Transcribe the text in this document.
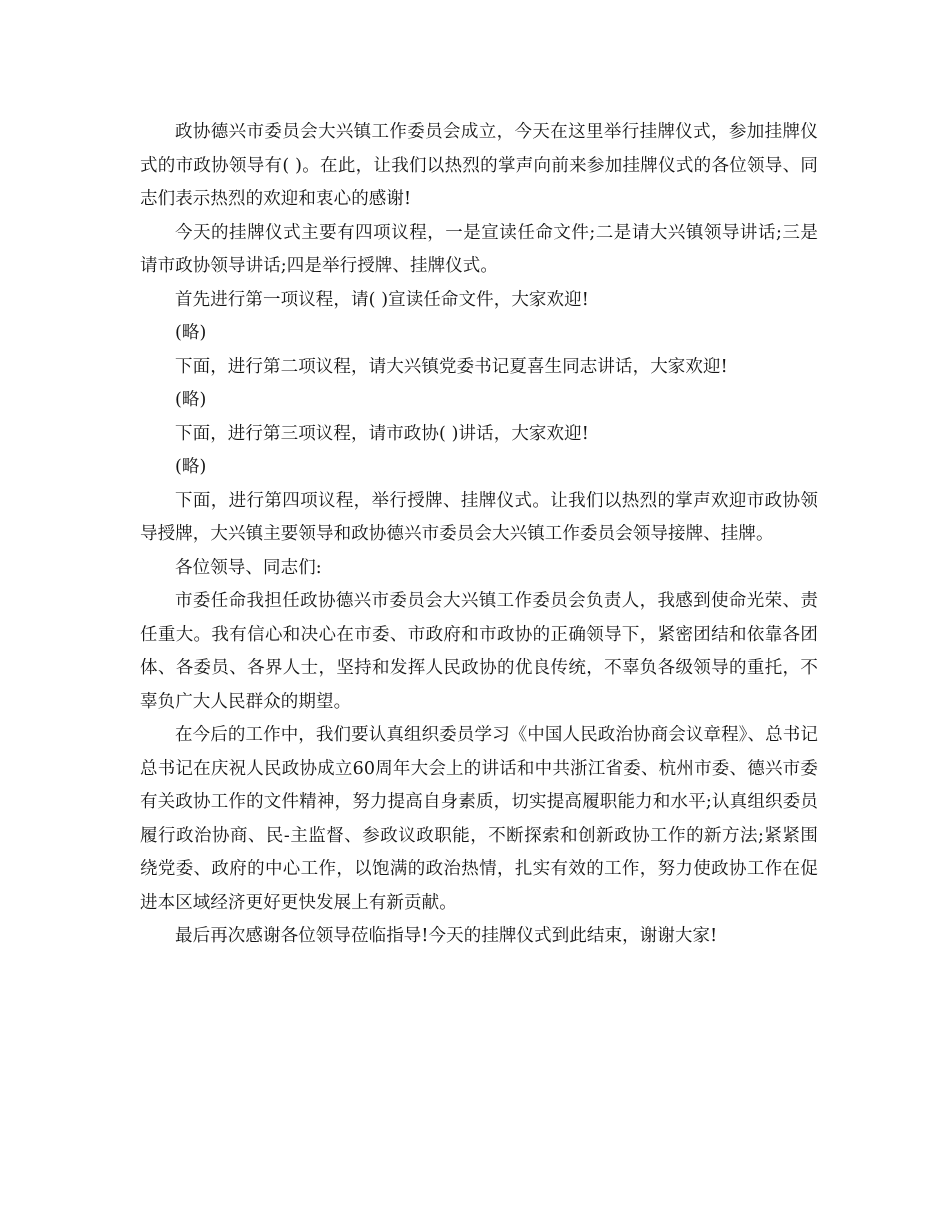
政协德兴市委员会大兴镇工作委员会成立，今天在这里举行挂牌仪式，参加挂牌仪式的市政协领导有( )。在此，让我们以热烈的掌声向前来参加挂牌仪式的各位领导、同志们表示热烈的欢迎和衷心的感谢!

今天的挂牌仪式主要有四项议程，一是宣读任命文件;二是请大兴镇领导讲话;三是请市政协领导讲话;四是举行授牌、挂牌仪式。

首先进行第一项议程，请( )宣读任命文件，大家欢迎!

(略)

下面，进行第二项议程，请大兴镇党委书记夏喜生同志讲话，大家欢迎!

(略)

下面，进行第三项议程，请市政协( )讲话，大家欢迎!

(略)

下面，进行第四项议程，举行授牌、挂牌仪式。让我们以热烈的掌声欢迎市政协领导授牌，大兴镇主要领导和政协德兴市委员会大兴镇工作委员会领导接牌、挂牌。

各位领导、同志们:

市委任命我担任政协德兴市委员会大兴镇工作委员会负责人，我感到使命光荣、责任重大。我有信心和决心在市委、市政府和市政协的正确领导下，紧密团结和依靠各团体、各委员、各界人士，坚持和发挥人民政协的优良传统，不辜负各级领导的重托，不辜负广大人民群众的期望。

在今后的工作中，我们要认真组织委员学习《中国人民政治协商会议章程》、总书记总书记在庆祝人民政协成立60周年大会上的讲话和中共浙江省委、杭州市委、德兴市委有关政协工作的文件精神，努力提高自身素质，切实提高履职能力和水平;认真组织委员履行政治协商、民-主监督、参政议政职能，不断探索和创新政协工作的新方法;紧紧围绕党委、政府的中心工作，以饱满的政治热情，扎实有效的工作，努力使政协工作在促进本区域经济更好更快发展上有新贡献。

最后再次感谢各位领导莅临指导!今天的挂牌仪式到此结束，谢谢大家!
